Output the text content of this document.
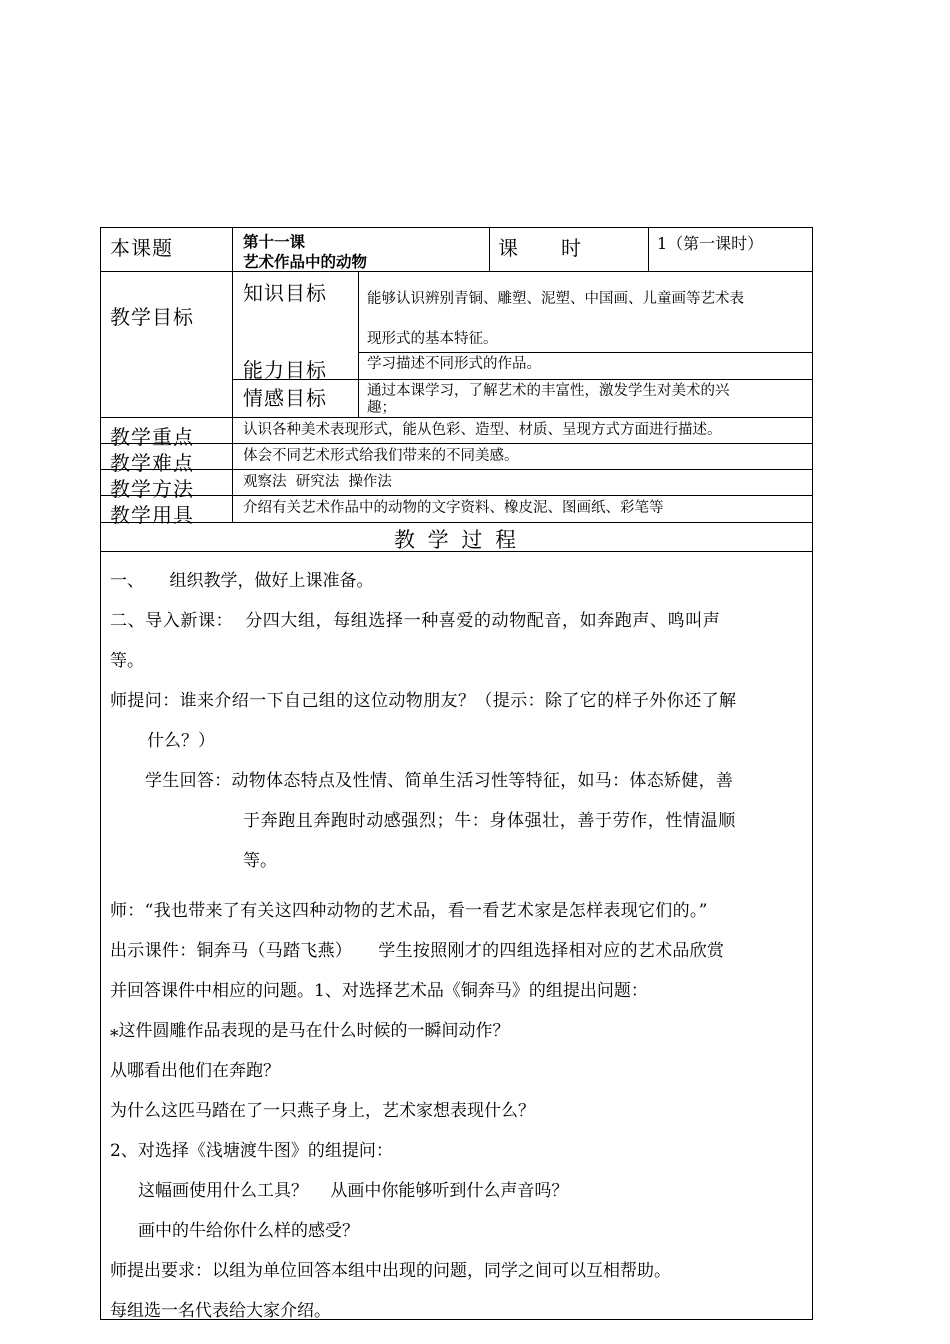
本课题	第十一课
艺术作品中的动物
课　　时	1（第一课时）
教学目标
知识目标	能够认识辨别青铜、雕塑、泥塑、中国画、儿童画等艺术表
现形式的基本特征。
能力目标	学习描述不同形式的作品。
情感目标	通过本课学习，了解艺术的丰富性，激发学生对美术的兴
趣；
教学重点	认识各种美术表现形式，能从色彩、造型、材质、呈现方式方面进行描述。
教学难点	体会不同艺术形式给我们带来的不同美感。
教学方法	观察法  研究法  操作法
教学用具	介绍有关艺术作品中的动物的文字资料、橡皮泥、图画纸、彩笔等
教 学 过 程
一、　　组织教学，做好上课准备。
二、导入新课：  分四大组，每组选择一种喜爱的动物配音，如奔跑声、鸣叫声
等。
师提问：谁来介绍一下自己组的这位动物朋友？（提示：除了它的样子外你还了解
什么？）
学生回答：动物体态特点及性情、简单生活习性等特征，如马：体态矫健，善
于奔跑且奔跑时动感强烈；牛：身体强壮，善于劳作，性情温顺
等。
师：“我也带来了有关这四种动物的艺术品，看一看艺术家是怎样表现它们的。”
出示课件：铜奔马（马踏飞燕）　　学生按照刚才的四组选择相对应的艺术品欣赏
并回答课件中相应的问题。1、对选择艺术品《铜奔马》的组提出问题：
⁎这件圆雕作品表现的是马在什么时候的一瞬间动作？
从哪看出他们在奔跑？
为什么这匹马踏在了一只燕子身上，艺术家想表现什么？
2、对选择《浅塘渡牛图》的组提问：
这幅画使用什么工具？　 从画中你能够听到什么声音吗？
画中的牛给你什么样的感受？
师提出要求：以组为单位回答本组中出现的问题，同学之间可以互相帮助。
每组选一名代表给大家介绍。
